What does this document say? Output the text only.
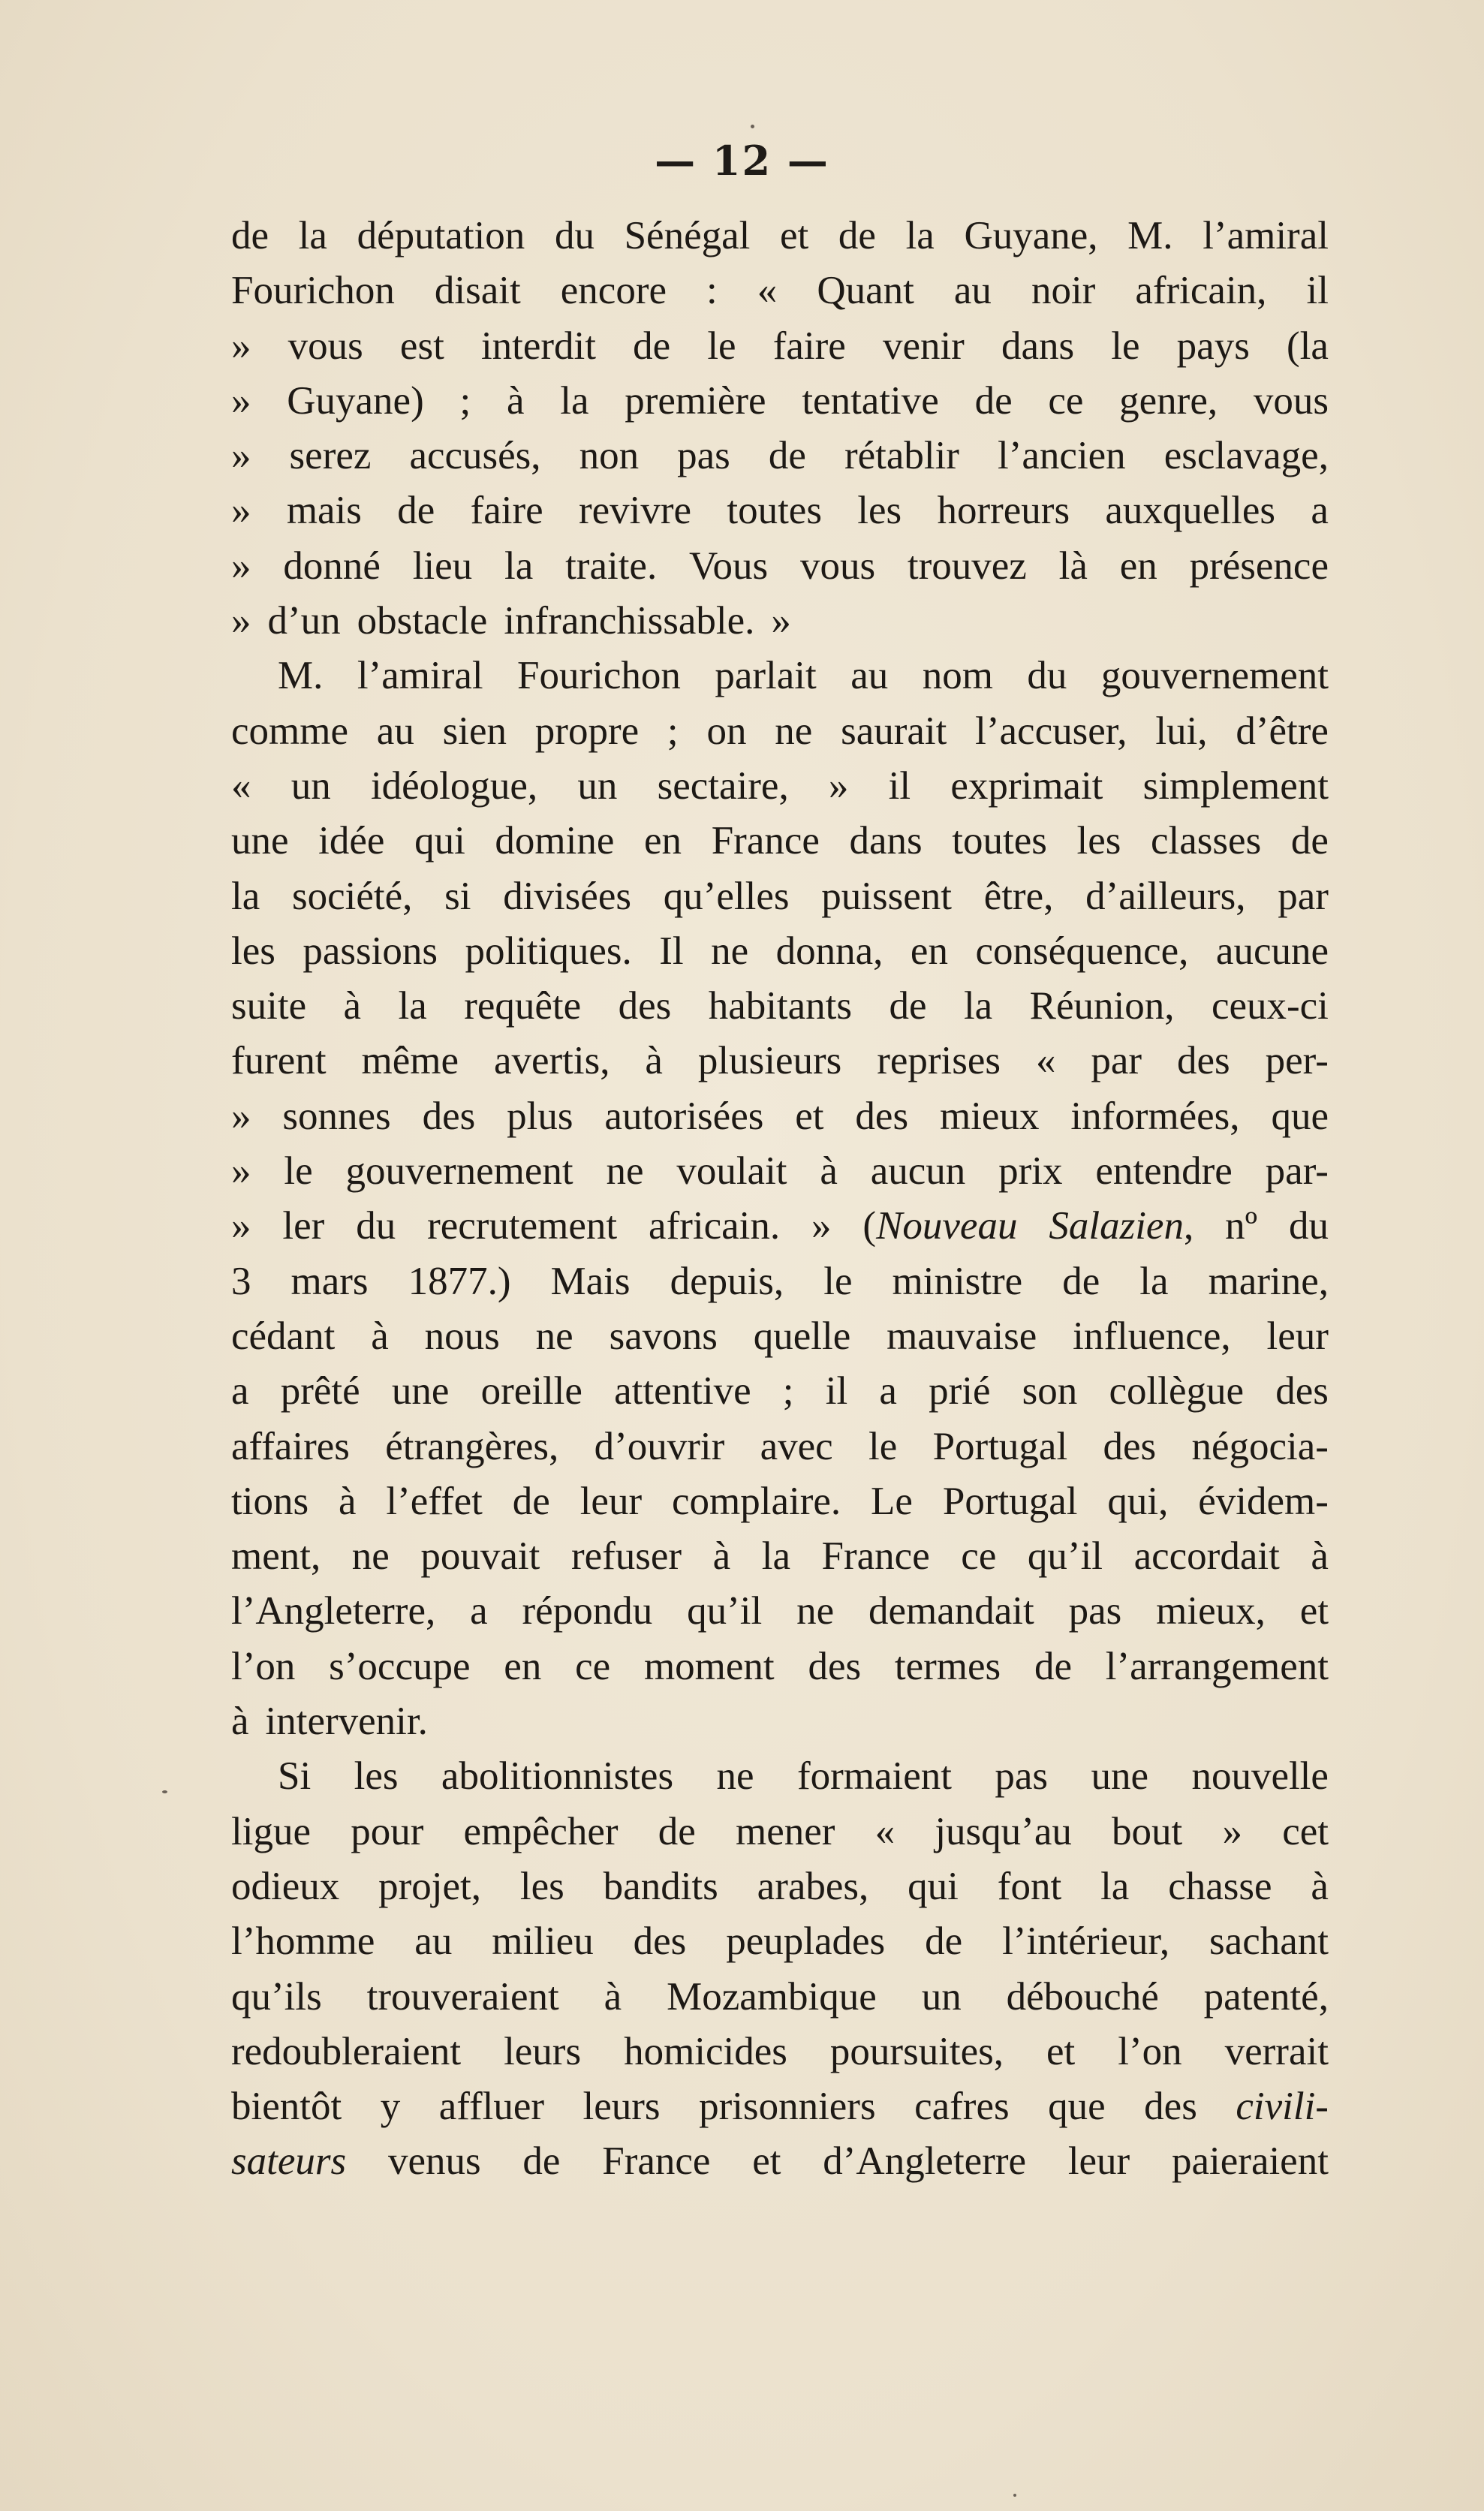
— 12 —
de la députation du Sénégal et de la Guyane, M. l’amiral
Fourichon disait encore : « Quant au noir africain, il
» vous est interdit de le faire venir dans le pays (la
» Guyane) ; à la première tentative de ce genre, vous
» serez accusés, non pas de rétablir l’ancien esclavage,
» mais de faire revivre toutes les horreurs auxquelles a
» donné lieu la traite. Vous vous trouvez là en présence
» d’un obstacle infranchissable. »
M. l’amiral Fourichon parlait au nom du gouvernement
comme au sien propre ; on ne saurait l’accuser, lui, d’être
« un idéologue, un sectaire, » il exprimait simplement
une idée qui domine en France dans toutes les classes de
la société, si divisées qu’elles puissent être, d’ailleurs, par
les passions politiques. Il ne donna, en conséquence, aucune
suite à la requête des habitants de la Réunion, ceux-ci
furent même avertis, à plusieurs reprises « par des per-
» sonnes des plus autorisées et des mieux informées, que
» le gouvernement ne voulait à aucun prix entendre par-
» ler du recrutement africain. » (Nouveau Salazien, nº du
3 mars 1877.) Mais depuis, le ministre de la marine,
cédant à nous ne savons quelle mauvaise influence, leur
a prêté une oreille attentive ; il a prié son collègue des
affaires étrangères, d’ouvrir avec le Portugal des négocia-
tions à l’effet de leur complaire. Le Portugal qui, évidem-
ment, ne pouvait refuser à la France ce qu’il accordait à
l’Angleterre, a répondu qu’il ne demandait pas mieux, et
l’on s’occupe en ce moment des termes de l’arrangement
à intervenir.
Si les abolitionnistes ne formaient pas une nouvelle
ligue pour empêcher de mener « jusqu’au bout » cet
odieux projet, les bandits arabes, qui font la chasse à
l’homme au milieu des peuplades de l’intérieur, sachant
qu’ils trouveraient à Mozambique un débouché patenté,
redoubleraient leurs homicides poursuites, et l’on verrait
bientôt y affluer leurs prisonniers cafres que des civili-
sateurs venus de France et d’Angleterre leur paieraient
